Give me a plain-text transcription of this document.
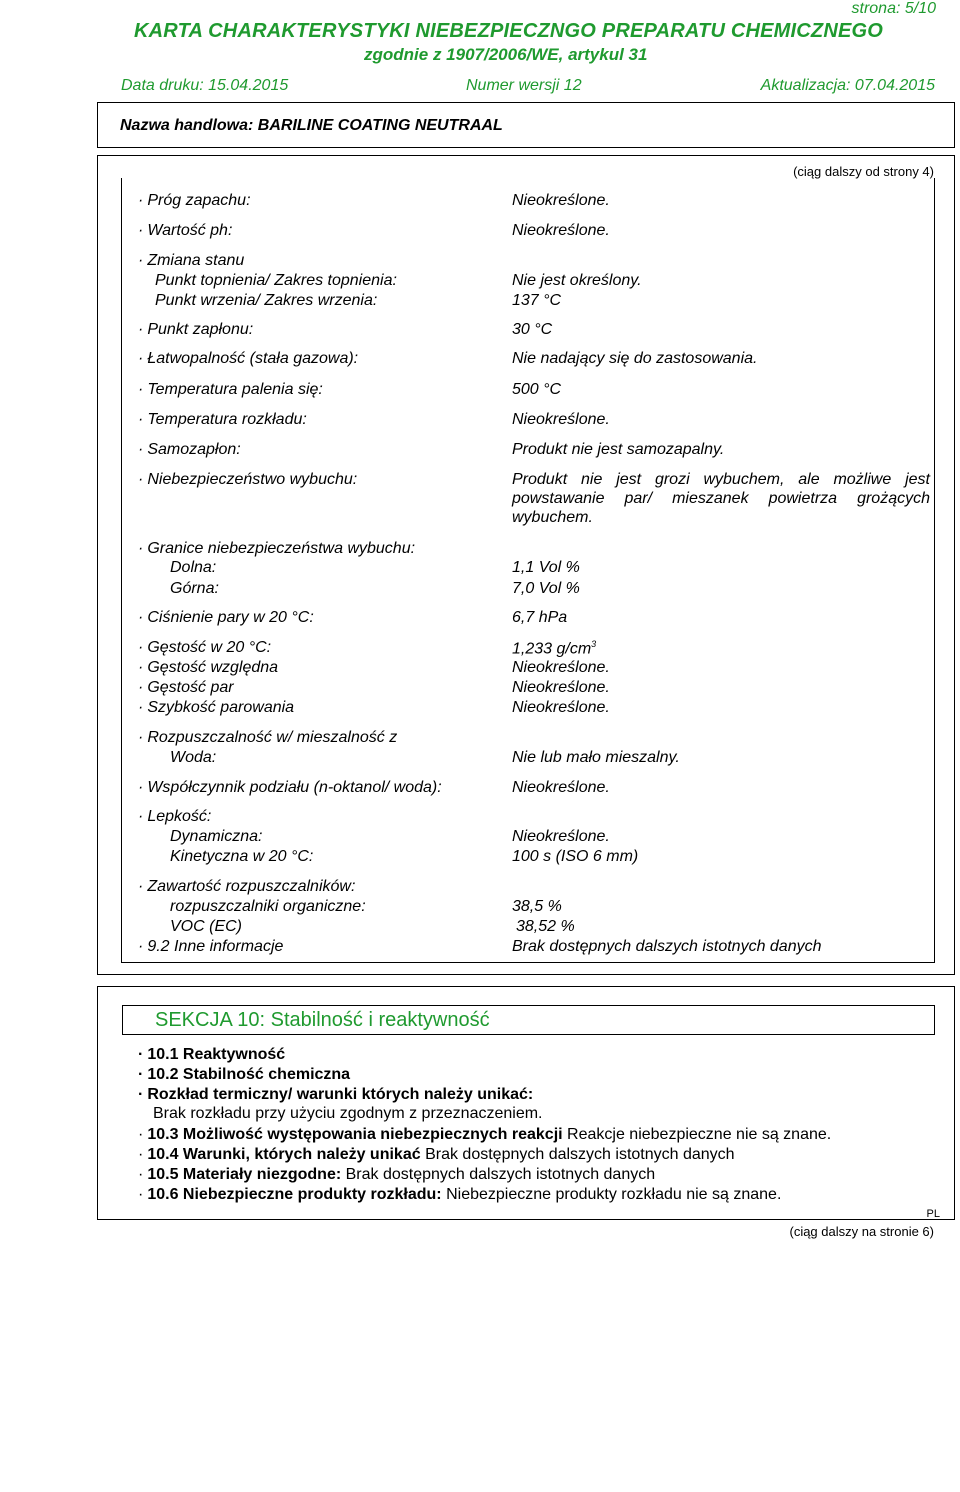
strona: 5/10
KARTA CHARAKTERYSTYKI NIEBEZPIECZNGO PREPARATU CHEMICZNEGO
zgodnie z 1907/2006/WE, artykul 31
Data druku: 15.04.2015	Numer wersji 12	Aktualizacja: 07.04.2015
Nazwa handlowa: BARILINE COATING NEUTRAAL
(ciąg dalszy od strony 4)
· Próg zapachu:	Nieokreślone.
· Wartość ph:	Nieokreślone.
· Zmiana stanu
Punkt topnienia/ Zakres topnienia:	Nie jest określony.
Punkt wrzenia/ Zakres wrzenia:	137 °C
· Punkt zapłonu:	30 °C
· Łatwopalność (stała gazowa):	Nie nadający się do zastosowania.
· Temperatura palenia się:	500 °C
· Temperatura rozkładu:	Nieokreślone.
· Samozapłon:	Produkt nie jest samozapalny.
· Niebezpieczeństwo wybuchu:	Produkt nie jest grozi wybuchem, ale możliwe jest
powstawanie par/ mieszanek powietrza grożących
wybuchem.
· Granice niebezpieczeństwa wybuchu:
Dolna:	1,1 Vol %
Górna:	7,0 Vol %
· Ciśnienie pary w 20 °C:	6,7 hPa
· Gęstość w 20 °C:	1,233 $g/cm^3$
· Gęstość względna	Nieokreślone.
· Gęstość par	Nieokreślone.
· Szybkość parowania	Nieokreślone.
· Rozpuszczalność w/ mieszalność z
Woda:	Nie lub mało mieszalny.
· Współczynnik podziału (n-oktanol/ woda):	Nieokreślone.
· Lepkość:
Dynamiczna:	Nieokreślone.
Kinetyczna w 20 °C:	100 s (ISO 6 mm)
· Zawartość rozpuszczalników:
rozpuszczalniki organiczne:	38,5 %
VOC (EC)	38,52 %
· 9.2 Inne informacje	Brak dostępnych dalszych istotnych danych
SEKCJA 10: Stabilność i reaktywność
· 10.1 Reaktywność
· 10.2 Stabilność chemiczna
· Rozkład termiczny/ warunki których należy unikać:
Brak rozkładu przy użyciu zgodnym z przeznaczeniem.
· 10.3 Możliwość występowania niebezpiecznych reakcji Reakcje niebezpieczne nie są znane.
· 10.4 Warunki, których należy unikać Brak dostępnych dalszych istotnych danych
· 10.5 Materiały niezgodne: Brak dostępnych dalszych istotnych danych
· 10.6 Niebezpieczne produkty rozkładu: Niebezpieczne produkty rozkładu nie są znane.
PL
(ciąg dalszy na stronie 6)
